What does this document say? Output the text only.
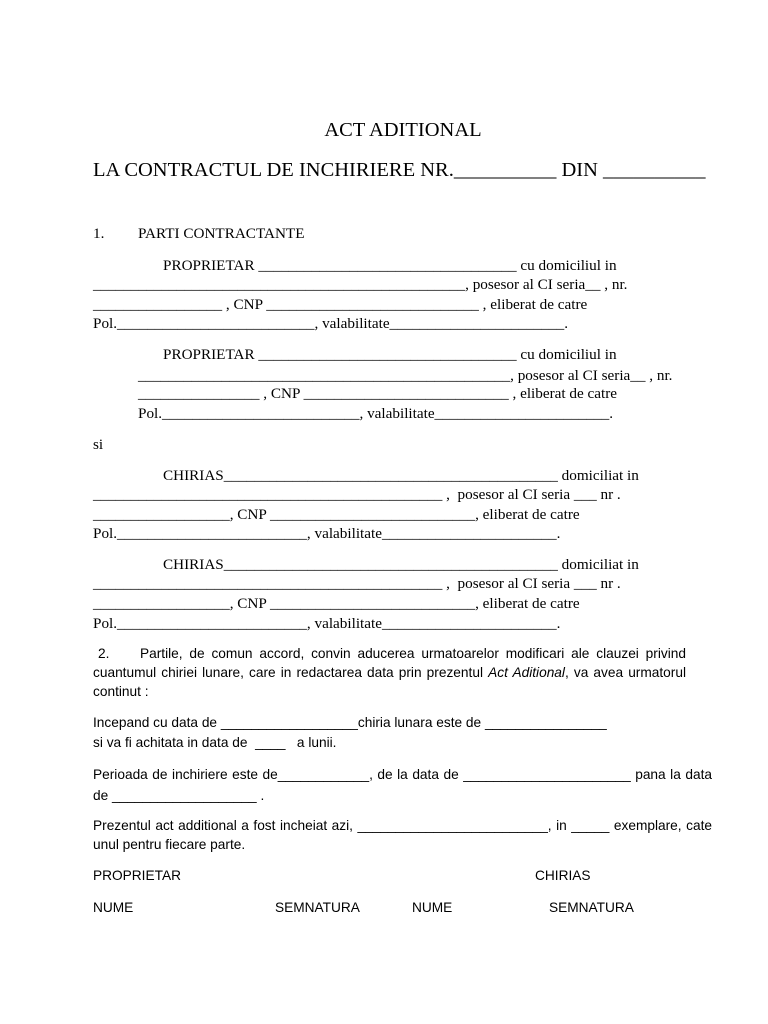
ACT ADITIONAL
LA CONTRACTUL DE INCHIRIERE NR.__________ DIN __________
1. PARTI CONTRACTANTE
PROPRIETAR __________________________________ cu domiciliul in
_________________________________________________, posesor al CI seria__ , nr.
_________________ , CNP ____________________________ , eliberat de catre
Pol.__________________________, valabilitate_______________________.
PROPRIETAR __________________________________ cu domiciliul in
_________________________________________________, posesor al CI seria__ , nr.
________________ , CNP ___________________________ , eliberat de catre
Pol.__________________________, valabilitate_______________________.
si
CHIRIAS____________________________________________ domiciliat in
______________________________________________ ,  posesor al CI seria ___ nr .
__________________, CNP ___________________________, eliberat de catre
Pol._________________________, valabilitate_______________________.
CHIRIAS____________________________________________ domiciliat in
______________________________________________ ,  posesor al CI seria ___ nr .
__________________, CNP ___________________________, eliberat de catre
Pol._________________________, valabilitate_______________________.
2. Partile, de comun accord, convin aducerea urmatoarelor modificari ale clauzei privind
cuantumul chiriei lunare, care in redactarea data prin prezentul Act Aditional, va avea urmatorul
continut :
Incepand cu data de __________________chiria lunara este de ________________
si va fi achitata in data de  ____   a lunii.
Perioada de inchiriere este de____________, de la data de ______________________ pana la data
de ___________________ .
Prezentul act additional a fost incheiat azi, _________________________, in _____ exemplare, cate
unul pentru fiecare parte.
PROPRIETAR	CHIRIAS
NUME	SEMNATURA	NUME	SEMNATURA
